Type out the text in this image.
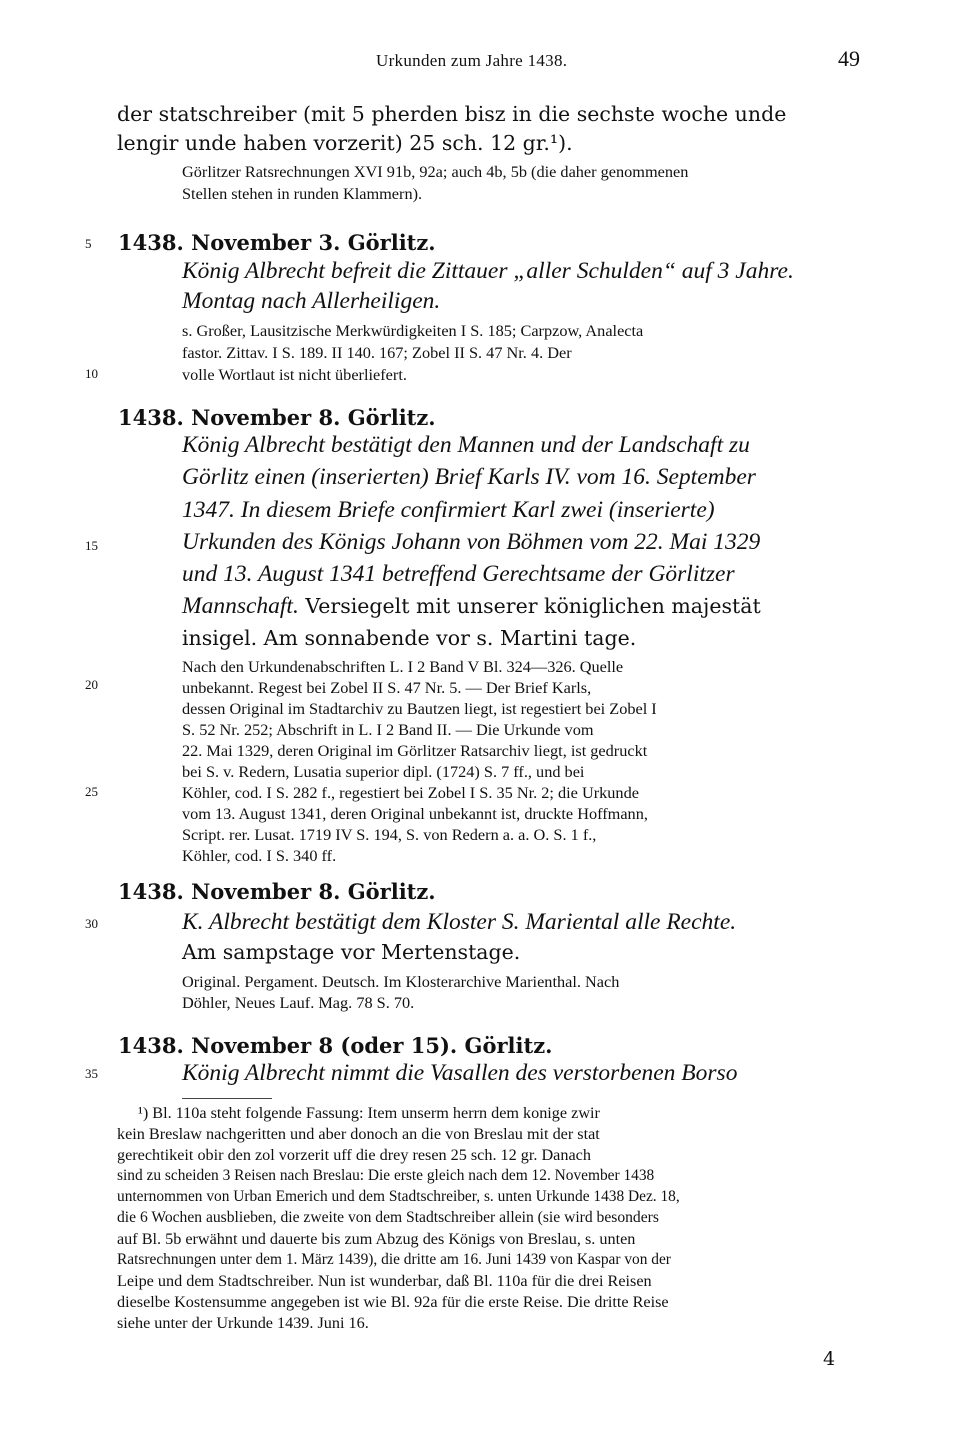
Urkunden zum Jahre 1438.	49
5
10
15
20
25
30
35
der statschreiber (mit 5 pherden bisz in die sechste woche unde
lengir unde haben vorzerit) 25 sch. 12 gr.¹).
Görlitzer Ratsrechnungen XVI 91b, 92a; auch 4b, 5b (die daher genommenen
Stellen stehen in runden Klammern).
1438. November 3. Görlitz.
König Albrecht befreit die Zittauer „aller Schulden“ auf 3 Jahre.
Montag nach Allerheiligen.
s. Großer, Lausitzische Merkwürdigkeiten I S. 185; Carpzow, Analecta
fastor. Zittav. I S. 189. II 140. 167; Zobel II S. 47 Nr. 4. Der
volle Wortlaut ist nicht überliefert.
1438. November 8. Görlitz.
König Albrecht bestätigt den Mannen und der Landschaft zu
Görlitz einen (inserierten) Brief Karls IV. vom 16. September
1347. In diesem Briefe confirmiert Karl zwei (inserierte)
Urkunden des Königs Johann von Böhmen vom 22. Mai 1329
und 13. August 1341 betreffend Gerechtsame der Görlitzer
Mannschaft. Versiegelt mit unserer königlichen majestät
insigel. Am sonnabende vor s. Martini tage.
Nach den Urkundenabschriften L. I 2 Band V Bl. 324—326. Quelle
unbekannt. Regest bei Zobel II S. 47 Nr. 5. — Der Brief Karls,
dessen Original im Stadtarchiv zu Bautzen liegt, ist regestiert bei Zobel I
S. 52 Nr. 252; Abschrift in L. I 2 Band II. — Die Urkunde vom
22. Mai 1329, deren Original im Görlitzer Ratsarchiv liegt, ist gedruckt
bei S. v. Redern, Lusatia superior dipl. (1724) S. 7 ff., und bei
Köhler, cod. I S. 282 f., regestiert bei Zobel I S. 35 Nr. 2; die Urkunde
vom 13. August 1341, deren Original unbekannt ist, druckte Hoffmann,
Script. rer. Lusat. 1719 IV S. 194, S. von Redern a. a. O. S. 1 f.,
Köhler, cod. I S. 340 ff.
1438. November 8. Görlitz.
K. Albrecht bestätigt dem Kloster S. Mariental alle Rechte.
Am sampstage vor Mertenstage.
Original. Pergament. Deutsch. Im Klosterarchive Marienthal. Nach
Döhler, Neues Lauf. Mag. 78 S. 70.
1438. November 8 (oder 15). Görlitz.
König Albrecht nimmt die Vasallen des verstorbenen Borso
¹) Bl. 110a steht folgende Fassung: Item unserm herrn dem konige zwir
kein Breslaw nachgeritten und aber donoch an die von Breslau mit der stat
gerechtikeit obir den zol vorzerit uff die drey resen 25 sch. 12 gr. Danach
sind zu scheiden 3 Reisen nach Breslau: Die erste gleich nach dem 12. November 1438
unternommen von Urban Emerich und dem Stadtschreiber, s. unten Urkunde 1438 Dez. 18,
die 6 Wochen ausblieben, die zweite von dem Stadtschreiber allein (sie wird besonders
auf Bl. 5b erwähnt und dauerte bis zum Abzug des Königs von Breslau, s. unten
Ratsrechnungen unter dem 1. März 1439), die dritte am 16. Juni 1439 von Kaspar von der
Leipe und dem Stadtschreiber. Nun ist wunderbar, daß Bl. 110a für die drei Reisen
dieselbe Kostensumme angegeben ist wie Bl. 92a für die erste Reise. Die dritte Reise
siehe unter der Urkunde 1439. Juni 16.
4
